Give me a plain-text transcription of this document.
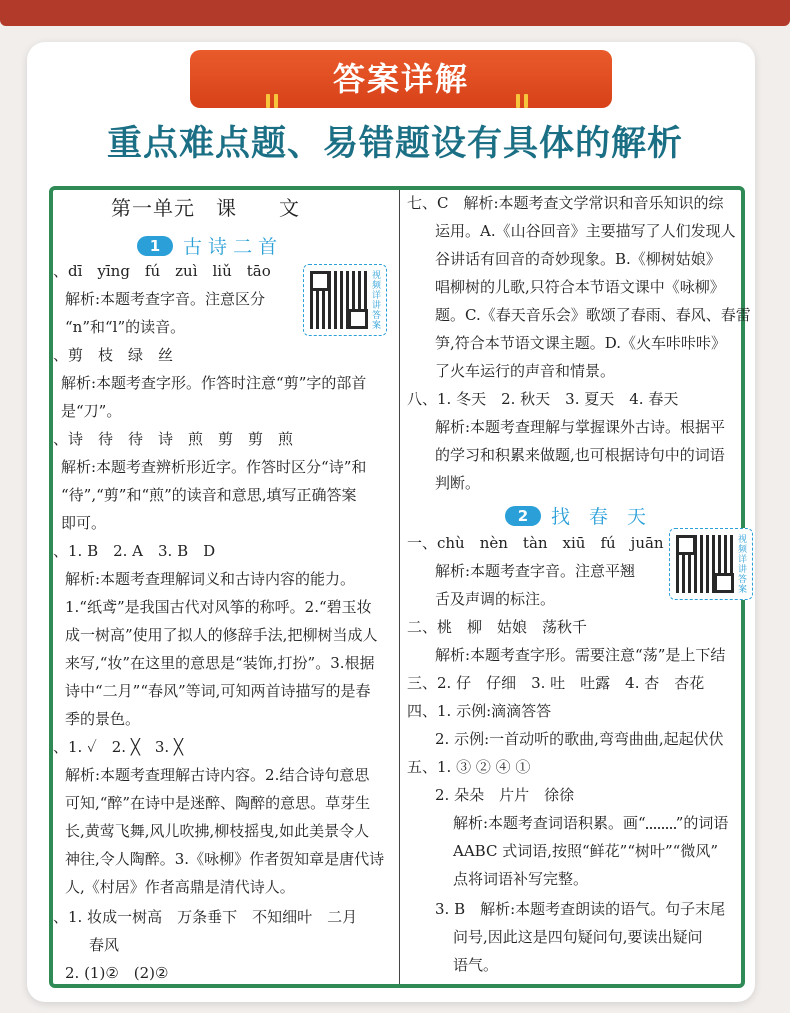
答案详解
重点难点题、易错题设有具体的解析
第一单元　课　　文
1 古 诗 二 首
视频详讲答案
、dī　yīng　fú　zuì　liǔ　tāo
解析:本题考查字音。注意区分
“n”和“l”的读音。
、剪　枝　绿　丝
解析:本题考查字形。作答时注意“剪”字的部首
是“刀”。
、诗　待　待　诗　煎　剪　剪　煎
解析:本题考查辨析形近字。作答时区分“诗”和
“待”,“剪”和“煎”的读音和意思,填写正确答案
即可。
、1. B　2. A　3. B　D
解析:本题考查理解词义和古诗内容的能力。
1.“纸鸢”是我国古代对风筝的称呼。2.“碧玉妆
成一树高”使用了拟人的修辞手法,把柳树当成人
来写,“妆”在这里的意思是“装饰,打扮”。3.根据
诗中“二月”“春风”等词,可知两首诗描写的是春
季的景色。
、1. ✓　2. ╳　3. ╳
解析:本题考查理解古诗内容。2.结合诗句意思
可知,“醉”在诗中是迷醉、陶醉的意思。草芽生
长,黄莺飞舞,风儿吹拂,柳枝摇曳,如此美景令人
神往,令人陶醉。3.《咏柳》作者贺知章是唐代诗
人,《村居》作者高鼎是清代诗人。
、1. 妆成一树高　万条垂下　不知细叶　二月
春风
2. (1)②　(2)②
七、C　解析:本题考查文学常识和音乐知识的综
运用。A.《山谷回音》主要描写了人们发现人
谷讲话有回音的奇妙现象。B.《柳树姑娘》
唱柳树的儿歌,只符合本节语文课中《咏柳》
题。C.《春天音乐会》歌颂了春雨、春风、春雷
笋,符合本节语文课主题。D.《火车咔咔咔》
了火车运行的声音和情景。
八、1. 冬天　2. 秋天　3. 夏天　4. 春天
解析:本题考查理解与掌握课外古诗。根据平
的学习和积累来做题,也可根据诗句中的词语
判断。
2 找　春　天
视频详讲答案
一、chù　nèn　tàn　xiū　fú　juān
解析:本题考查字音。注意平翘
舌及声调的标注。
二、桃　柳　姑娘　荡秋千
解析:本题考查字形。需要注意“荡”是上下结
三、2. 仔　仔细　3. 吐　吐露　4. 杏　杏花
四、1. 示例:滴滴答答
2. 示例:一首动听的歌曲,弯弯曲曲,起起伏伏
五、1. ③ ② ④ ①
2. 朵朵　片片　徐徐
解析:本题考查词语积累。画“ ”的词语
AABC 式词语,按照“鲜花”“树叶”“微风”
点将词语补写完整。
3. B　解析:本题考查朗读的语气。句子末尾
问号,因此这是四句疑问句,要读出疑问
语气。
